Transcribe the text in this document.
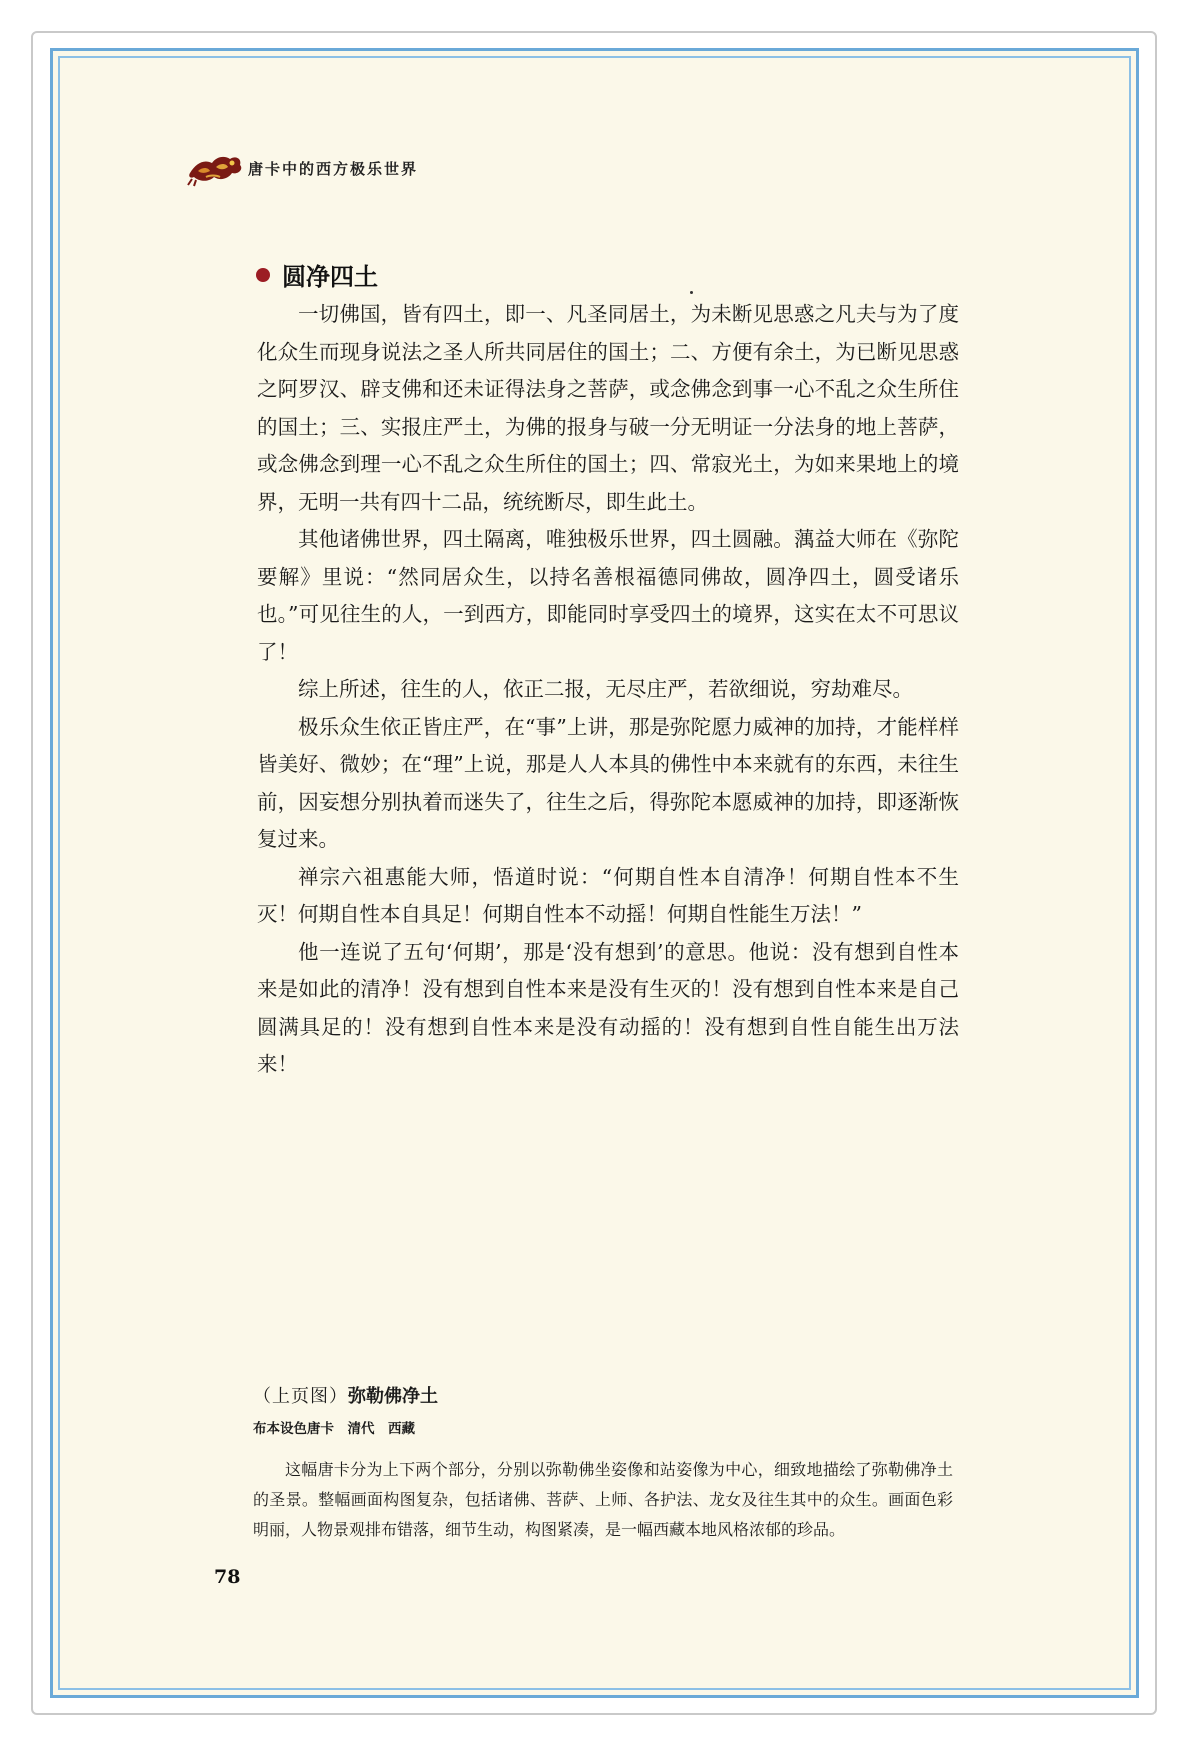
唐卡中的西方极乐世界
圆净四土

一切佛国，皆有四土，即一、凡圣同居土，为未断见思惑之凡夫与为了度化众生而现身说法之圣人所共同居住的国土；二、方便有余土，为已断见思惑之阿罗汉、辟支佛和还未证得法身之菩萨，或念佛念到事一心不乱之众生所住的国土；三、实报庄严土，为佛的报身与破一分无明证一分法身的地上菩萨，或念佛念到理一心不乱之众生所住的国土；四、常寂光土，为如来果地上的境界，无明一共有四十二品，统统断尽，即生此土。

其他诸佛世界，四土隔离，唯独极乐世界，四土圆融。蕅益大师在《弥陀要解》里说：“然同居众生，以持名善根福德同佛故，圆净四土，圆受诸乐也。”可见往生的人，一到西方，即能同时享受四土的境界，这实在太不可思议了！

综上所述，往生的人，依正二报，无尽庄严，若欲细说，穷劫难尽。

极乐众生依正皆庄严，在“事”上讲，那是弥陀愿力威神的加持，才能样样皆美好、微妙；在“理”上说，那是人人本具的佛性中本来就有的东西，未往生前，因妄想分别执着而迷失了，往生之后，得弥陀本愿威神的加持，即逐渐恢复过来。

禅宗六祖惠能大师，悟道时说：“何期自性本自清净！何期自性本不生灭！何期自性本自具足！何期自性本不动摇！何期自性能生万法！”

他一连说了五句‘何期’，那是‘没有想到’的意思。他说：没有想到自性本来是如此的清净！没有想到自性本来是没有生灭的！没有想到自性本来是自己圆满具足的！没有想到自性本来是没有动摇的！没有想到自性自能生出万法来！

（上页图）弥勒佛净土
布本设色唐卡　清代　西藏
这幅唐卡分为上下两个部分，分别以弥勒佛坐姿像和站姿像为中心，细致地描绘了弥勒佛净土的圣景。整幅画面构图复杂，包括诸佛、菩萨、上师、各护法、龙女及往生其中的众生。画面色彩明丽，人物景观排布错落，细节生动，构图紧凑，是一幅西藏本地风格浓郁的珍品。
78
